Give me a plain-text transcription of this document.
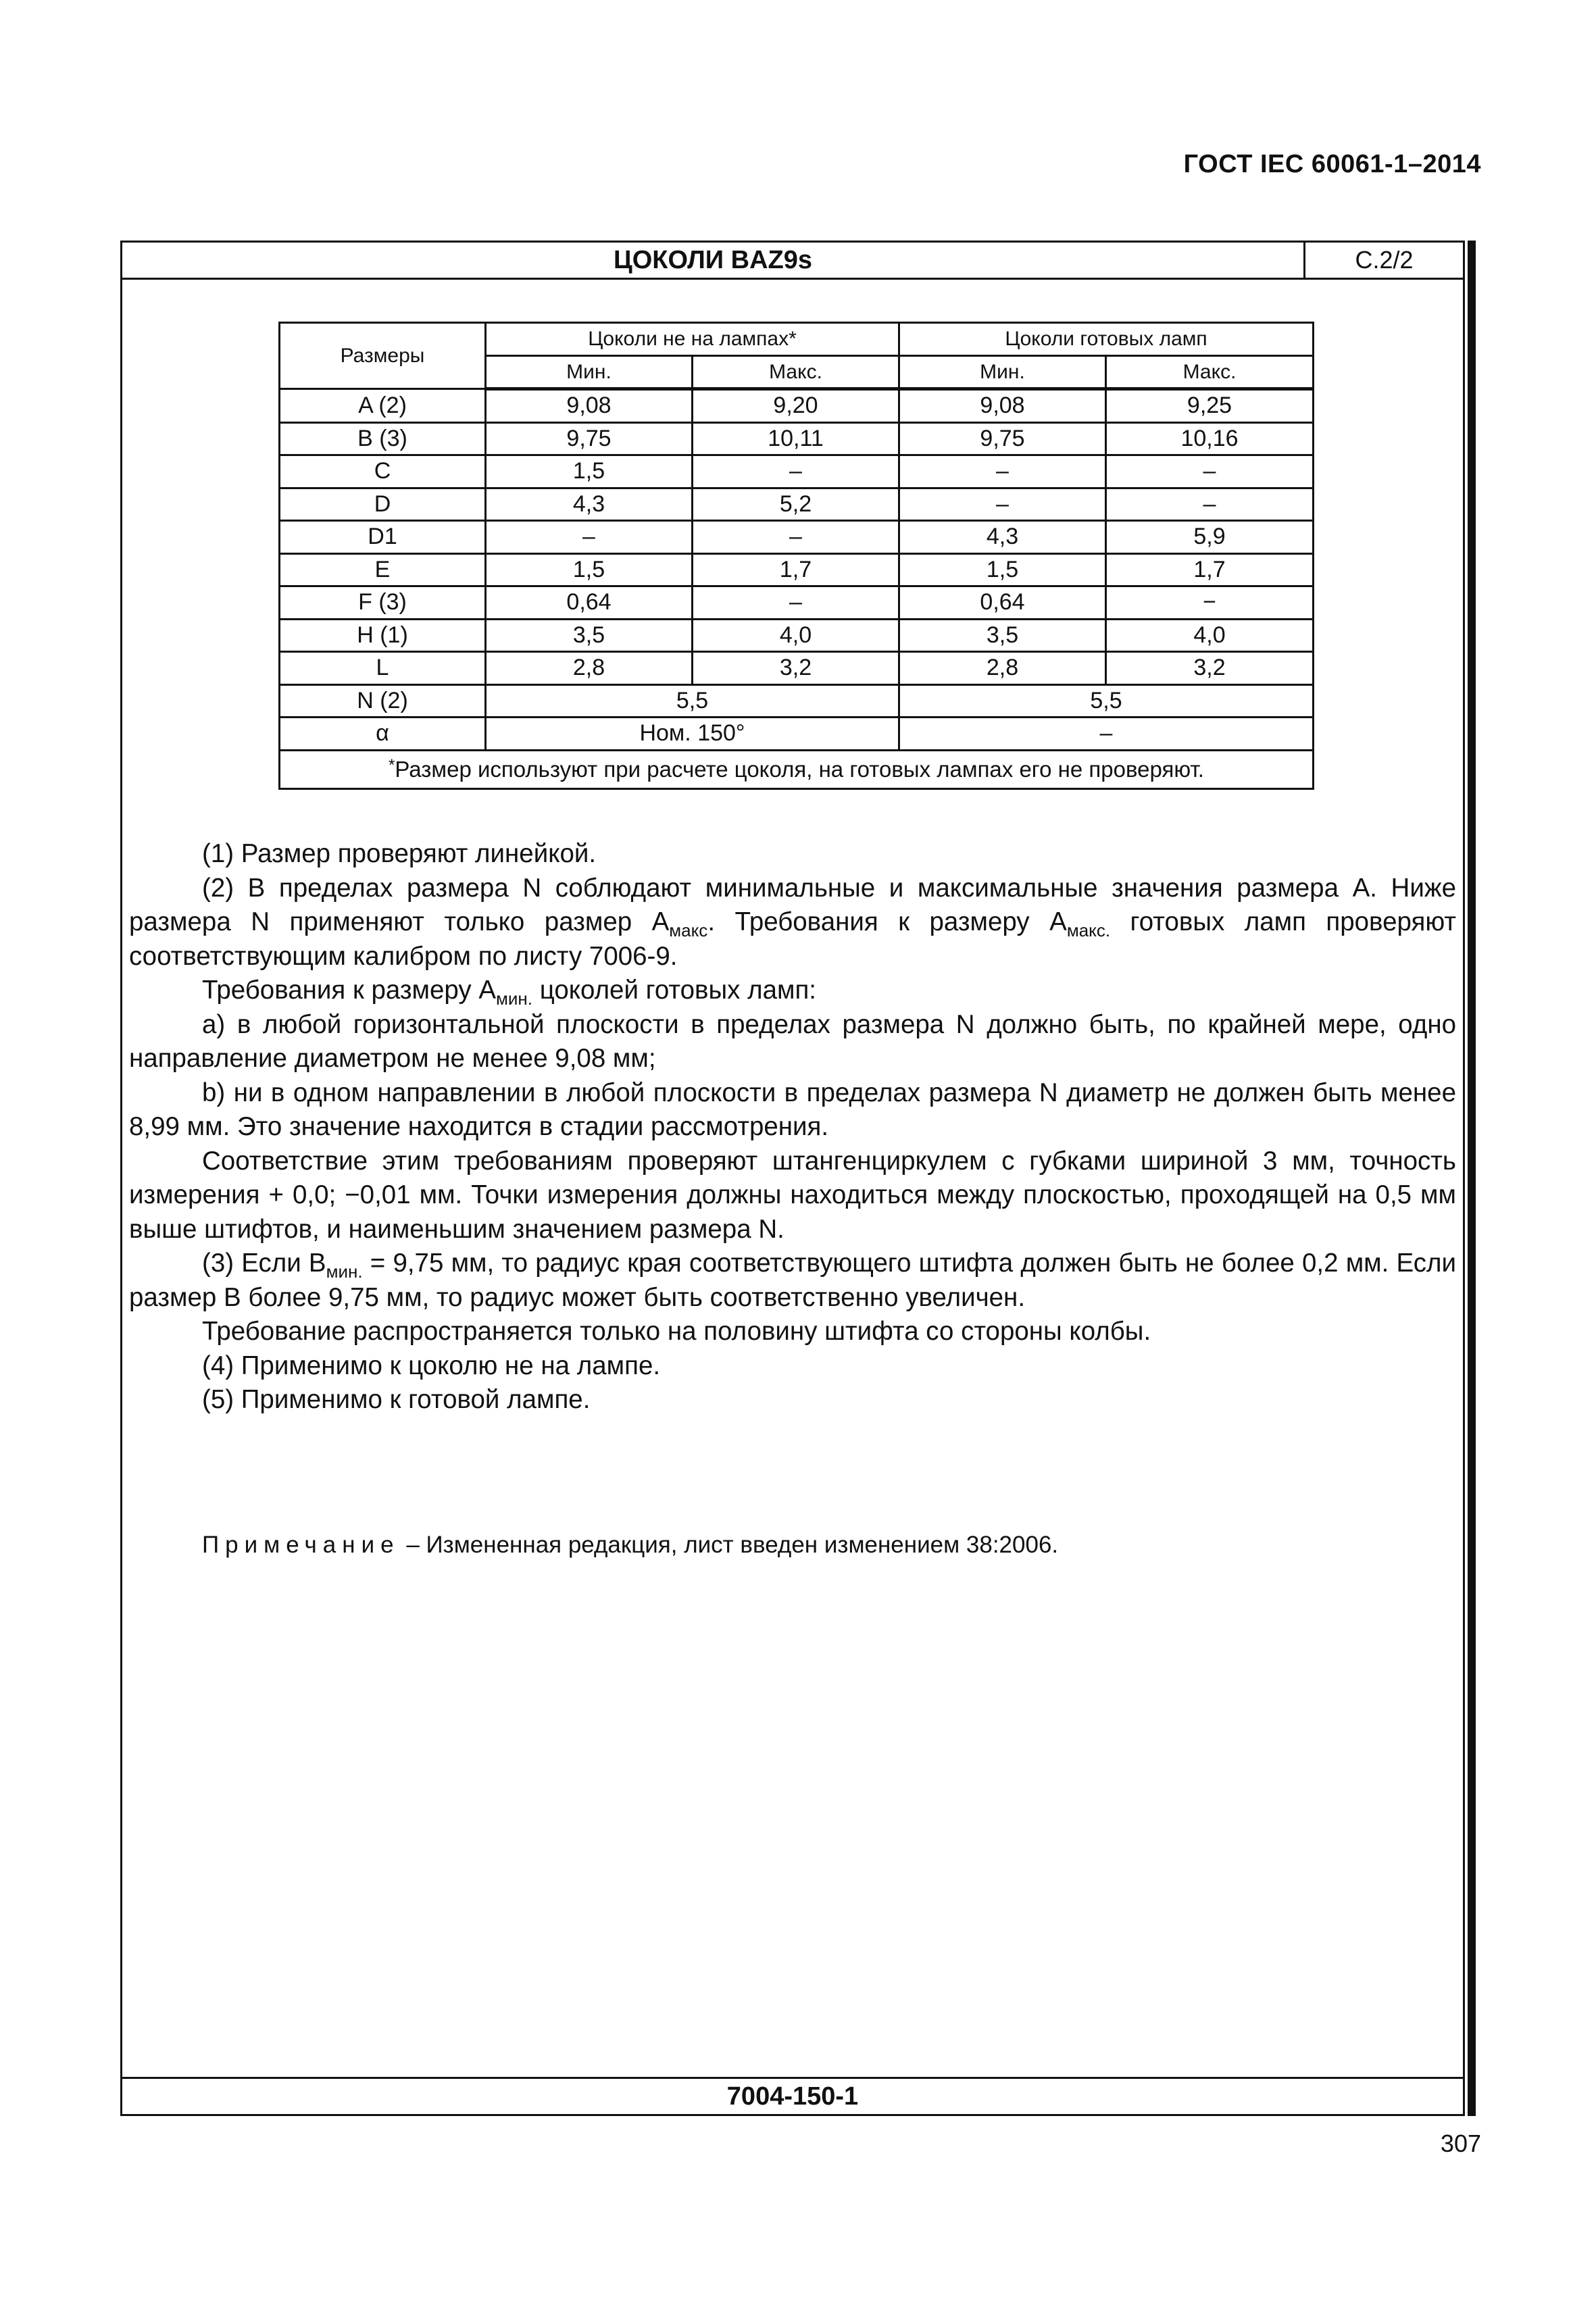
ГОСТ IEC 60061-1–2014
ЦОКОЛИ BAZ9s	С.2/2
Размеры	Цоколи не на лампах*		Цоколи готовых ламп	
	Мин.	Макс.	Мин.	Макс.
A (2)	9,08	9,20	9,08	9,25
B (3)	9,75	10,11	9,75	10,16
C	1,5	–	–	–
D	4,3	5,2	–	–
D1	–	–	4,3	5,9
E	1,5	1,7	1,5	1,7
F (3)	0,64	–	0,64	−
H (1)	3,5	4,0	3,5	4,0
L	2,8	3,2	2,8	3,2
N (2)	5,5		5,5	
α	Ном. 150°		–	
*Размер используют при расчете цоколя, на готовых лампах его не проверяют.				

(1) Размер проверяют линейкой.

(2) В пределах размера N соблюдают минимальные и максимальные значения размера A. Ниже размера N применяют только размер $A_{макс}$. Требования к размеру $A_{макс.}$ готовых ламп проверяют соответствующим калибром по листу 7006-9.

Требования к размеру $A_{мин.}$ цоколей готовых ламп:

a) в любой горизонтальной плоскости в пределах размера N должно быть, по крайней мере, одно направление диаметром не менее 9,08 мм;

b) ни в одном направлении в любой плоскости в пределах размера N диаметр не должен быть менее 8,99 мм. Это значение находится в стадии рассмотрения.

Соответствие этим требованиям проверяют штангенциркулем с губками шириной 3 мм, точность измерения + 0,0; −0,01 мм. Точки измерения должны находиться между плоскостью, проходящей на 0,5 мм выше штифтов, и наименьшим значением размера N.

(3) Если $B_{мин.} = 9,75$ мм, то радиус края соответствующего штифта должен быть не более 0,2 мм. Если размер B более 9,75 мм, то радиус может быть соответственно увеличен.

Требование распространяется только на половину штифта со стороны колбы.

(4) Применимо к цоколю не на лампе.

(5) Применимо к готовой лампе.

Примечание – Измененная редакция, лист введен изменением 38:2006.
7004-150-1
307
